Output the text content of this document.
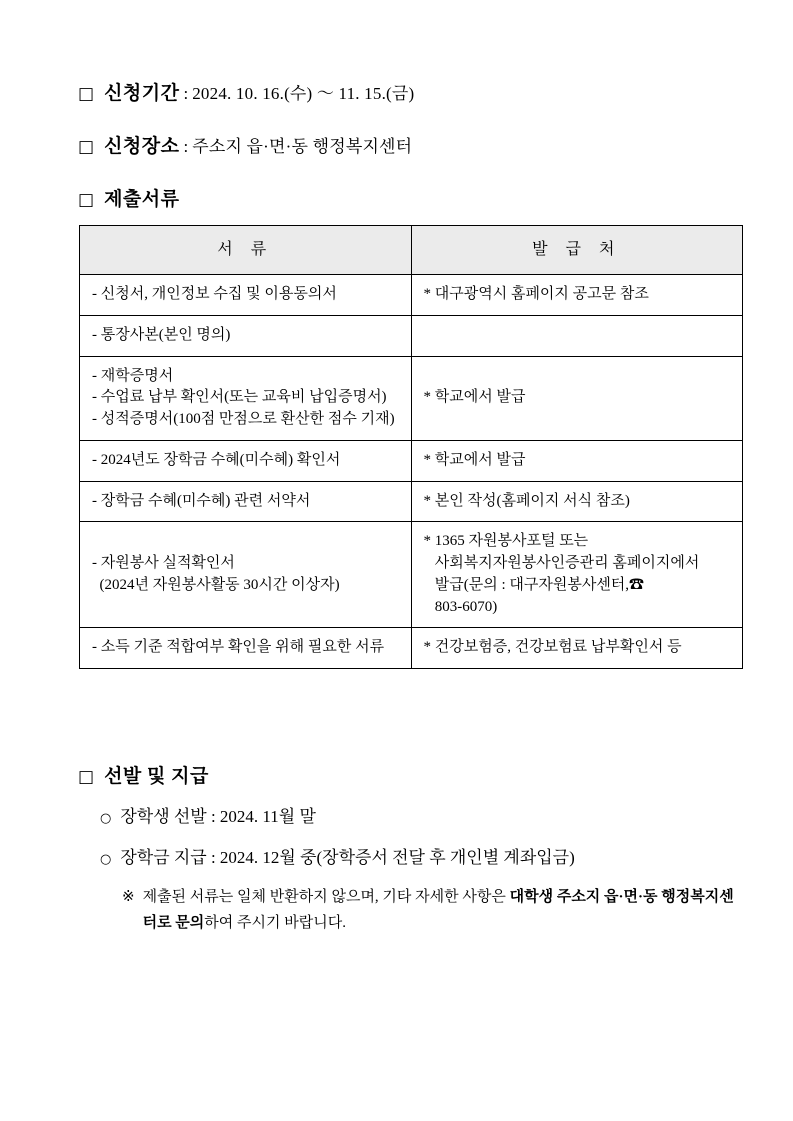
□ 신청기간 : 2024. 10. 16.(수) ～ 11. 15.(금)
□ 신청장소 : 주소지 읍·면·동 행정복지센터
□ 제출서류
서 류	발 급 처

- 신청서, 개인정보 수집 및 이용동의서	* 대구광역시 홈페이지 공고문 참조

- 통장사본(본인 명의)	

- 재학증명서
- 수업료 납부 확인서(또는 교육비 납입증명서)
- 성적증명서(100점 만점으로 환산한 점수 기재)	* 학교에서 발급

- 2024년도 장학금 수혜(미수혜) 확인서	* 학교에서 발급

- 장학금 수혜(미수혜) 관련 서약서	* 본인 작성(홈페이지 서식 참조)

- 자원봉사 실적확인서
(2024년 자원봉사활동 30시간 이상자)	* 1365 자원봉사포털 또는
사회복지자원봉사인증관리 홈페이지에서
발급(문의 : 대구자원봉사센터,☎
803-6070)

- 소득 기준 적합여부 확인을 위해 필요한 서류	* 건강보험증, 건강보험료 납부확인서 등
□ 선발 및 지급
○ 장학생 선발 : 2024. 11월 말
○ 장학금 지급 : 2024. 12월 중(장학증서 전달 후 개인별 계좌입금)
※ 제출된 서류는 일체 반환하지 않으며, 기타 자세한 사항은 대학생 주소지 읍·면·동 행정복지센터로 문의하여 주시기 바랍니다.
